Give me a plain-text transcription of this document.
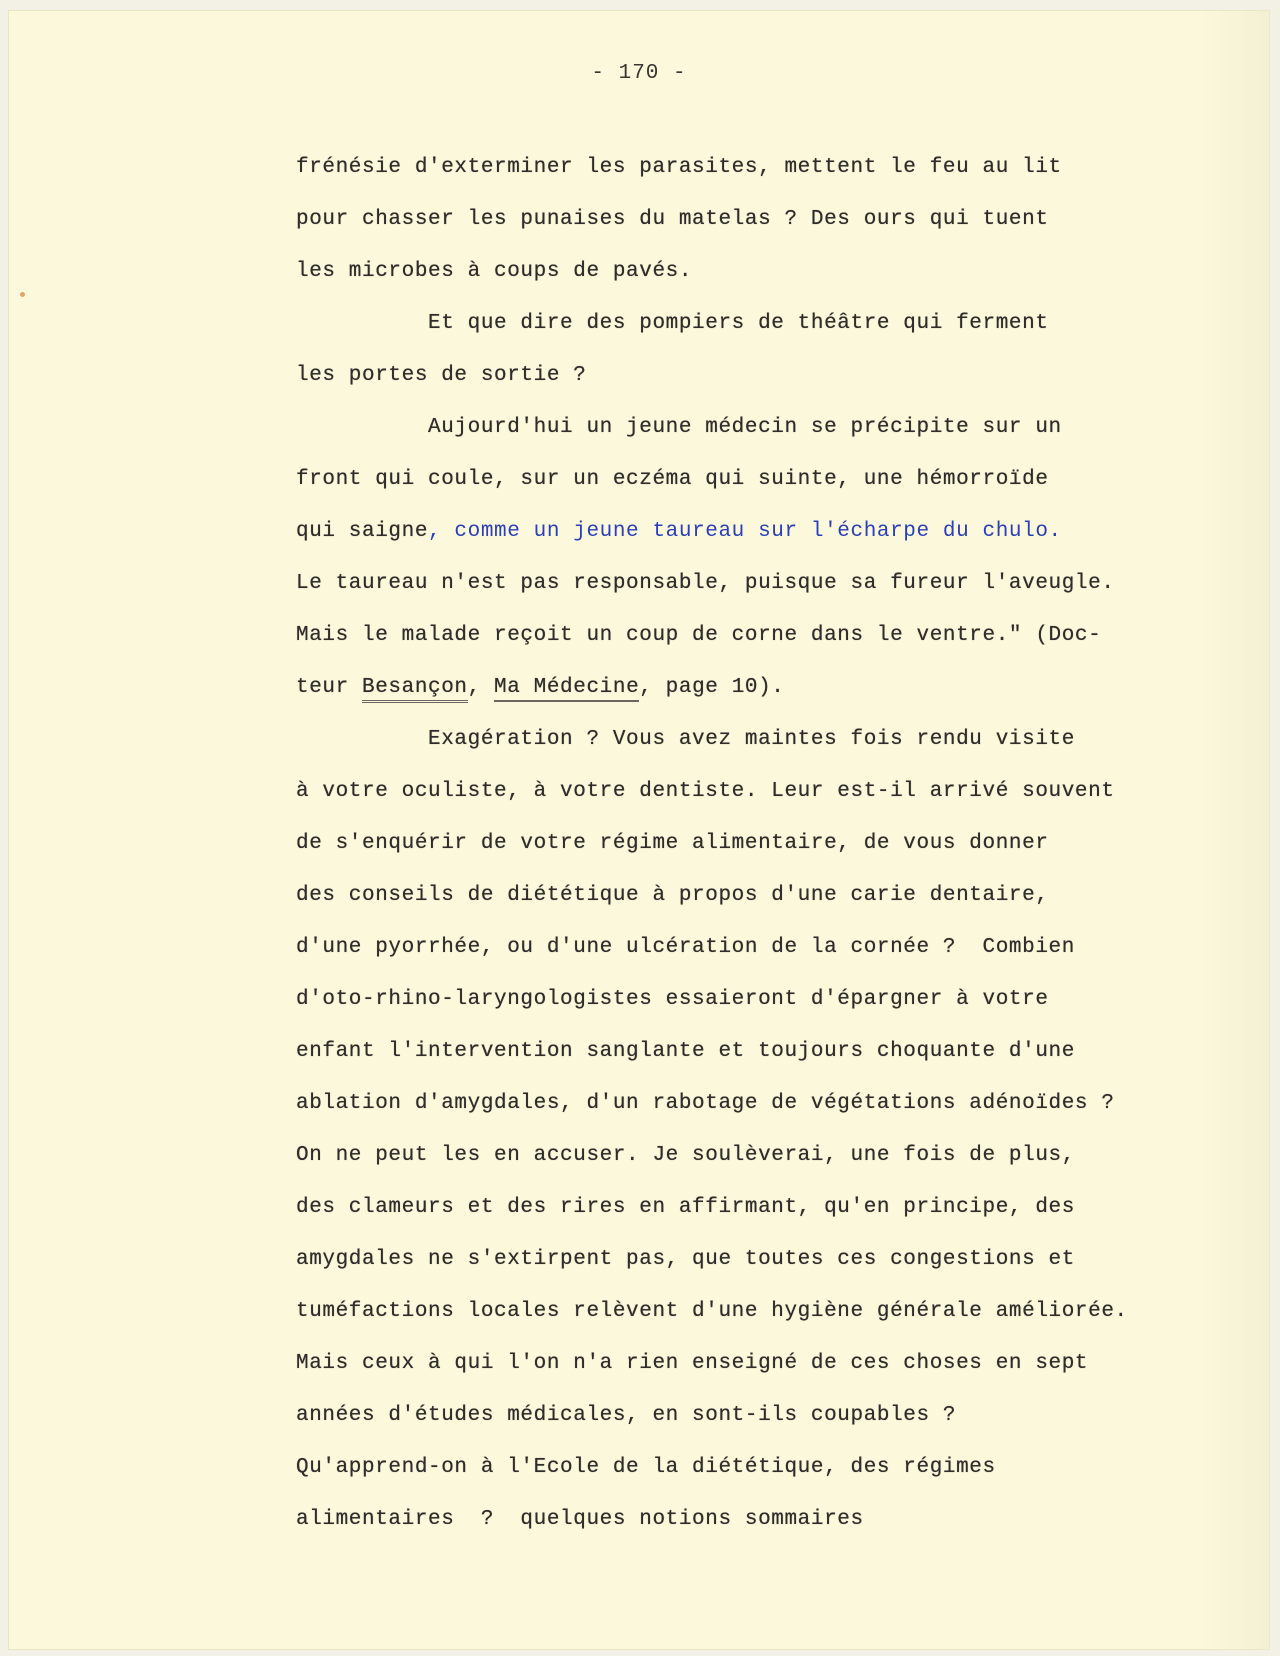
- 170 -
frénésie d'exterminer les parasites, mettent le feu au lit
pour chasser les punaises du matelas ? Des ours qui tuent
les microbes à coups de pavés.
Et que dire des pompiers de théâtre qui ferment
les portes de sortie ?
Aujourd'hui un jeune médecin se précipite sur un
front qui coule, sur un eczéma qui suinte, une hémorroïde
qui saigne, comme un jeune taureau sur l'écharpe du chulo.
Le taureau n'est pas responsable, puisque sa fureur l'aveugle.
Mais le malade reçoit un coup de corne dans le ventre." (Doc-
teur Besançon, Ma Médecine, page 10).
Exagération ? Vous avez maintes fois rendu visite
à votre oculiste, à votre dentiste. Leur est-il arrivé souvent
de s'enquérir de votre régime alimentaire, de vous donner
des conseils de diététique à propos d'une carie dentaire,
d'une pyorrhée, ou d'une ulcération de la cornée ?  Combien
d'oto-rhino-laryngologistes essaieront d'épargner à votre
enfant l'intervention sanglante et toujours choquante d'une
ablation d'amygdales, d'un rabotage de végétations adénoïdes ?
On ne peut les en accuser. Je soulèverai, une fois de plus,
des clameurs et des rires en affirmant, qu'en principe, des
amygdales ne s'extirpent pas, que toutes ces congestions et
tuméfactions locales relèvent d'une hygiène générale améliorée.
Mais ceux à qui l'on n'a rien enseigné de ces choses en sept
années d'études médicales, en sont-ils coupables ?
Qu'apprend-on à l'Ecole de la diététique, des régimes
alimentaires  ?  quelques notions sommaires
